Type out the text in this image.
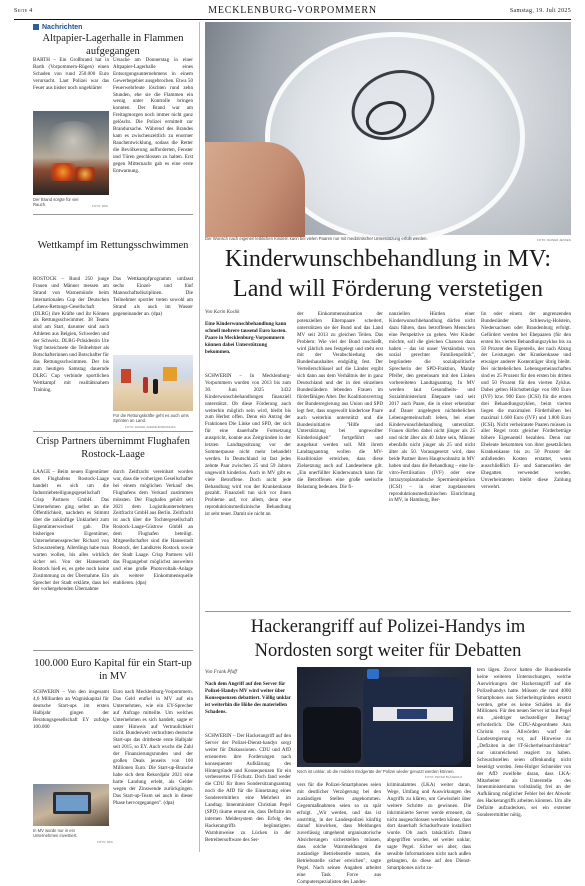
Seite 4	MECKLENBURG-VORPOMMERN	Samstag, 19. Juli 2025
Nachrichten
Altpapier-Lagerhalle in Flammen aufgegangen
BARTH – Ein Großbrand hat in Barth (Vorpommern-Rügen) einen Schaden von rund 250.000 Euro verursacht. Laut Polizei war das Feuer aus bisher noch ungeklärter
Der Brand sorgte für viel Rauch.	FOTO: DPA
Ursache am Donnerstag in einer Altpapier-Lagerhalle eines Entsorgungsunternehmens in einem Gewerbegebiet ausgebrochen. Etwa 50 Feuerwehrleute löschten rund zehn Stunden, ehe sie die Flammen ein wenig unter Kontrolle bringen konnten. Der Brand war am Freitagmorgen noch immer nicht ganz gelöscht. Die Polizei ermittelt zur Brandursache. Während des Brandes kam es zwischenzeitlich zu enormer Rauchentwicklung, sodass die Retter die Bevölkerung aufforderten, Fenster und Türen geschlossen zu halten. Erst gegen Mitternacht gab es eine erste Entwarnung.
Wettkampf im Rettungsschwimmen
ROSTOCK – Rund 250 junge Frauen und Männer messen am Strand von Warnemünde beim Internationalen Cup der Deutschen Lebens-Rettungs-Gesellschaft (DLRG) ihre Kräfte und ihr Können als Rettungsschwimmer. 38 Teams sind am Start, darunter sind auch Athleten aus Belgien, Schweden und der Schweiz. DLRG-Präsidentin Ute Vogt bezeichnete die Teilnehmer als Botschafterinnen und Botschafter für das Rettungsschwimmen. Der bis zum heutigen Samstag dauernde DLRG Cup verbinde sportlichen Wettkampf mit realitätsnahem Training.
Das Wettkampfprogramm umfasst sechs Einzel- und fünf Mannschaftsdisziplinen. Die Teilnehmer sportler treten sowohl am Strand als auch im Wasser gegeneinander an. (dpa)
Für die Rettungskräfte geht es auch ums Sprinten an Land.
FOTO: DANIEL ANDRÉ BORG/DLRG
Crisp Partners übernimmt Flughafen Rostock-Laage
LAAGE – Beim neuen Eigentümer des Flughafens Rostock-Laage handelt es sich um die Industriebeteiligungsgesellschaft Crisp Partners GmbH. Das Unternehmen ging selbst an die Öffentlichkeit, nachdem es Stimmt über die zukünftige Unklarheit zum Eigentümerwechsel gab. Die bisherigen Eigentümer, Unternehmenssprecher Richard von Schwarzenberg. Allerdings habe man warten wollen, bis alles wirklich sicher sei. Von der Hansestadt Rostock hieß es, es gebe noch keine Zustimmung zu der Übernahme. Ein Sprecher der Stadt erklärte, dass bei der vorhergehenden Übernahme
durch Zeitfracht vereinbart worden war, dass die vorherigen Gesellschafter bei einem möglichen Verkauf des Flughafens dem Verkauf zustimmen müssten. Der Flughafen gehört seit 2021 dem Logistikunternehmen Zeitfracht GmbH aus Berlin. Zeitfracht ist auch über die Tochtergesellschaft Rostock-Laage-Güstrow GmbH an dem Flughafen beteiligt. Mitgesellschafter sind die Hansestadt Rostock, der Landkreis Rostock sowie der Stadt Laage. Crisp Partners will das Flugangebot möglichst ausweiten und eine große Photovoltaik-Anlage als weitere Einkommensquelle etablieren. (dpa)
100.000 Euro Kapital für ein Start-up in MV
SCHWERIN – Von den insgesamt 4,6 Milliarden an Wagniskapital für deutsche Start-ups im ersten Halbjahr gingen der Beratungsgesellschaft EY zufolge 100.000
In MV wurde nur in ein Unternehmen investiert.
FOTO: DPA
Euro nach Mecklenburg-Vorpommern. Das Geld entfiel in MV auf ein Unternehmen, wie ein EY-Sprecher auf Anfrage mitteilte. Um welches Unternehmen es sich handelt, sagte er unter Hinweis auf Vertraulichkeit nicht. Bundesweit verbuchten deutsche Start-ups das drittbeste erste Halbjahr seit 2015, so EY. Auch wuchs die Zahl der Finanzierungsrunden und der großen Deals jenseits von 100 Millionen Euro. Die Start-up-Branche habe sich dem Rekordjahr 2021 eine harte Landung erlebt, als Gelder wegen der Zinswende zurückgingen. Das Start-up-Team sei auch in dieser Phase hervorgegangen". (dpa)
Der Wunsch nach eigenen leiblichen Kindern kann bei vielen Paaren nur mit medizinischer Unterstützung erfüllt werden.	FOTO: RAINER JENSEN
Kinderwunschbehandlung in MV:
Land will Förderung verstetigen
Von Karin Koslik
Eine Kinderwunschbehandlung kann schnell mehrere tausend Euro kosten. Paare in Mecklenburg-Vorpommern können dabei Unterstützung bekommen.
SCHWERIN – In Mecklenburg-Vorpommern wurden von 2013 bis zum 30. Juni 2025 3432 Kinderwunschbehandlungen finanziell unterstützt. Ob diese Förderung auch weiterhin möglich sein wird, bleibt bis zum Herbst offen. Denn ein Antrag der Fraktionen Die Linke und SPD, der sich für eine dauerhafte Fortsetzung ausspricht, konnte aus Zeitgründen in der letzten Landtagssitzung vor der Sommerpause nicht mehr behandelt werden. In Deutschland ist fast jedes zehnte Paar zwischen 25 und 59 Jahren ungewollt kinderlos. Auch in MV gibt es viele Betroffene. Doch nicht jede Behandlung wird von der Krankenkasse gezahlt. Finanziell tun sich vor ihnen Probleme auf, vor allem, denn eine reproduktionsmedizinische Behandlung ist sehr teuer. Damit sie nicht an
der Einkommenssituation der potenziellen Elternpaare scheitert, unterstützen sie der Bund und das Land MV seit 2013 zu gleichen Teilen. Das Problem: Wie viel der Bund zuschießt, wird jährlich neu festgelegt und steht erst mit der Verabschiedung des Bundeshaushaltes endgültig fest. Der Verteilerschlüssel auf die Länder ergibt sich dann aus dem Verhältnis der in ganz Deutschland und der in den einzelnen Bundesländern lebenden Frauen im förderfähigen Alter. Der Koalitionsvertrag der Bundesregierung aus Union und SPD legt fest, dass ungewollt kinderlose Paare auch weiterhin unterstützt und die Bundesinitiative "Hilfe und Unterstützung bei ungewollter Kinderlosigkeit" fortgeführt und ausgebaut werden soll. Mit ihrem Landtagsantrag wollen die MV-Koalitionäre erreichen, dass diese Zielsetzung auch auf Landesebene gilt. „Ein unerfüllter Kinderwunsch kann für die Betroffenen eine große seelische Belastung bedeuten. Die fi-
nanziellen Hürden einer Kinderwunschbehandlung dürfen nicht dazu führen, dass betroffenen Menschen eine Perspektive zu geben. Wer Kinder möchte, soll die gleichen Chancen dazu haben – das ist unser Verständnis von sozial gerechter Familienpolitik", begründete die sozialpolitische Sprecherin der SPD-Fraktion, Mandy Pfeifer, den gemeinsam mit den Linken vorbereiteten Landtagsantrag. In MV werden laut Gesundheits- und Sozialministerium Ehepaare und seit 2017 auch Paare, die in einer erkennbar auf Dauer angelegten nichtehelichen Lebensgemeinschaft leben, bei einer Kinderwunschbehandlung unterstützt. Frauen dürfen dabei nicht jünger als 25 und nicht älter als 40 Jahre sein, Männer ebenfalls nicht jünger als 25 und nicht älter als 50. Vorausgesetzt wird, dass beide Partner ihren Hauptwohnsitz in MV haben und dass die Behandlung – eine In-vitro-Fertilisation (IVF) oder eine Intrazytoplasmatische Spermieninjektion (ICSI) – in einer zugelassenen reproduktionsmedizinischen Einrichtung in MV, in Hamburg, Ber-
lin oder einem der angrenzenden Bundesländer Schleswig-Holstein, Niedersachsen oder Brandenburg erfolgt. Gefördert werden bei Ehepaaren (für den ersten bis vierten Behandlungszyklus bis zu 50 Prozent des Eigenteils, der nach Abzug der Leistungen der Krankenkasse und etwaiger anderer Kostenträger übrig bleibt. Bei nichtehelichen Lebensgemeinschaften sind es 25 Prozent für den ersten bis dritten und 50 Prozent für den vierten Zyklus. Dabei gelten Höchstbeträge von 800 Euro (IVF) bzw. 900 Euro (ICSI) für die ersten drei Behandlungszyklen, beim vierten liegen die maximalen Förderhöhen bei maximal 1.600 Euro (IVF) und 1.800 Euro (ICSI). Nicht verheiratete Paaren müssen in aller Regel trotz gleicher Förderbeträge höhere Eigenanteil bezahlen. Denn nur Eheleute bekommen von ihrer gesetzlichen Krankenkasse bis zu 50 Prozent der anfallenden Kosten erstattet, wenn ausschließlich Ei- und Samenzellen der Ehegatten verwendet werden. Unverheirateten bleibt diese Zahlung verwehrt.
Hackerangriff auf Polizei-Handys im
Nordosten sorgt weiter für Debatten
Von Frank Pfaff
Nach dem Angriff auf den Server für Polizei-Handys MV wird weiter über Konsequenzen debattiert. Völlig unklar ist weiterhin die Höhe des materiellen Schadens.
SCHWERIN – Der Hackerangriff auf den Server der Polizei-Dienst-handys sorgt weiter für Diskussionen. CDU und AfD erneuerten ihre Forderungen nach konsequenter Aufklärung des Hintergründe und Konsequenzen für ein verbessertes IT-Schutz. Doch fand weder die CDU für ihren Sondersitzungsantrag noch die AfD für die Einsetzung eines Sonderermittlers eine Mehrheit im Landtag. Innenminister Christian Pegel (SPD) räume erneut ein, dass Defizite im internen Meldesystem den Erfolg des Hackerangriffs begünstigten. Warnhinweise zu Lücken in der Betreibersoftware des Ser-
Noch ist unklar, ob die mobilen Endgeräte der Polizei wieder genutzt werden können.
FOTO: PETER BLÄSER/LZ
vers für die Polizei-Smartphones seien mit deutlicher Verzögerung bei den zuständigen Stellen angekommen. Gegenmaßnahmen seien so zu spät erfolgt. „Wir werden, und das ist unstrittig, in der Landespolizei künftig darauf hinwirken, dass Meldungen zuverlässig umgehend organisatorische Absicherungen sicherstellen müssen, dass solche Warnmeldungen die zuständige Betriebsstelle nutzen, die Betriebsstelle sicher erreichen", sagte Pegel. Nach seinen Angaben arbeitet eine Task Force aus Computerspezialisten des Landes-
kriminalamtes (LKA) weiter daran, Wege, Umfang und Auswirkungen des Angriffs zu klären, um Gewissheit über weitere Schritte zu gewinnen. Die inkriminierte Server werde erneuert, da nicht ausgeschlossen werden könne, dass dort dauerhaft Schadsoftware installiert wurde. Ob auch tatsächlich Daten abgegriffen wurden, sei weiter unklar, sagte Pegel. Sicher sei aber, dass sensible Informationen nicht nach außen gelangten, da diese auf den Dienst-Smartphones nicht zu-
tern lägen. Zuvor hatten die Bundesstelle keine weiteren Untersuchungen, welche Auswirkungen der Hackerangriff auf die Polizeihandys hatte. Müssen die rund 4000 Smartphones aus Sicherheitsgründen ersetzt werden, gebe es keine Schäden in die Millionen. Für den neuen Server ist laut Pegel ein „niedriger sechsstelliger Betrag" erforderlich. Die CDU-Abgeordnete Ann Christin von Allwörden warf der Landesregierung vor, auf Hinweise zu „Defiziten in der IT-Sicherheitsarchitektur" nur unzureichend reagiert zu haben. Schwachstellen seien offenkundig nicht beseitigt worden. Jens-Holger Schneider von der AfD zweifelte daran, dass LKA-Mitarbeiter als Unterstelle des Innenministeriums vollständig frei an der Aufklärung möglicher Fehler bei der Abwehr des Hackerangriffs arbeiten könnten. Um alle Defizite aufzudecken, sei ein externer Sonderermittler nötig.
